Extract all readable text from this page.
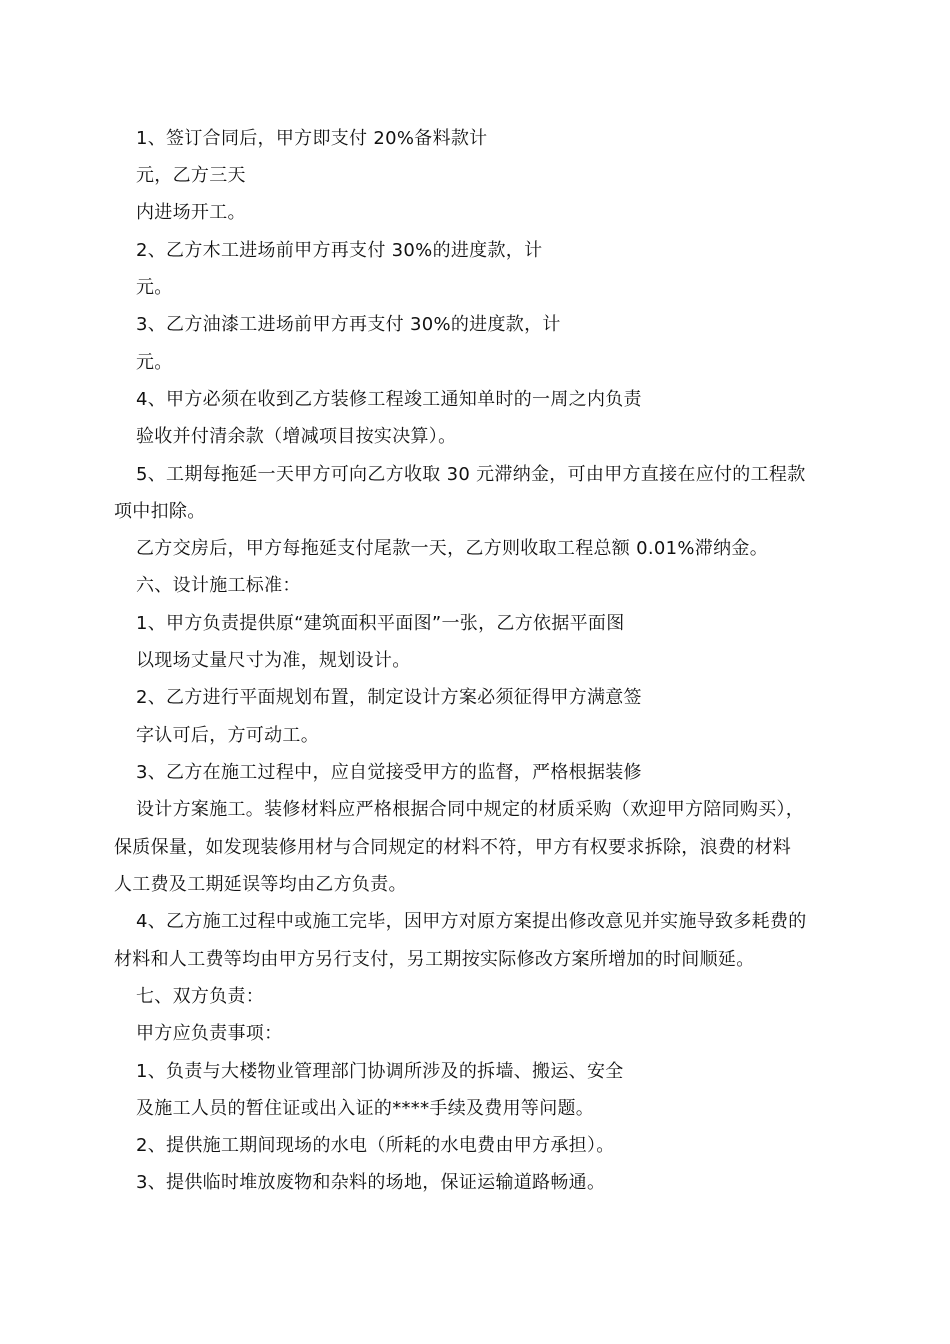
1、签订合同后，甲方即支付 20%备料款计
元，乙方三天
内进场开工。
2、乙方木工进场前甲方再支付 30%的进度款，计
元。
3、乙方油漆工进场前甲方再支付 30%的进度款，计
元。
4、甲方必须在收到乙方装修工程竣工通知单时的一周之内负责
验收并付清余款（增减项目按实决算）。
5、工期每拖延一天甲方可向乙方收取 30 元滞纳金，可由甲方直接在应付的工程款
项中扣除。
乙方交房后，甲方每拖延支付尾款一天，乙方则收取工程总额 0.01%滞纳金。
六、设计施工标准：
1、甲方负责提供原“建筑面积平面图”一张，乙方依据平面图
以现场丈量尺寸为准，规划设计。
2、乙方进行平面规划布置，制定设计方案必须征得甲方满意签
字认可后，方可动工。
3、乙方在施工过程中，应自觉接受甲方的监督，严格根据装修
设计方案施工。装修材料应严格根据合同中规定的材质采购（欢迎甲方陪同购买），
保质保量，如发现装修用材与合同规定的材料不符，甲方有权要求拆除，浪费的材料
人工费及工期延误等均由乙方负责。
4、乙方施工过程中或施工完毕，因甲方对原方案提出修改意见并实施导致多耗费的
材料和人工费等均由甲方另行支付，另工期按实际修改方案所增加的时间顺延。
七、双方负责：
甲方应负责事项：
1、负责与大楼物业管理部门协调所涉及的拆墙、搬运、安全
及施工人员的暂住证或出入证的****手续及费用等问题。
2、提供施工期间现场的水电（所耗的水电费由甲方承担）。
3、提供临时堆放废物和杂料的场地，保证运输道路畅通。
